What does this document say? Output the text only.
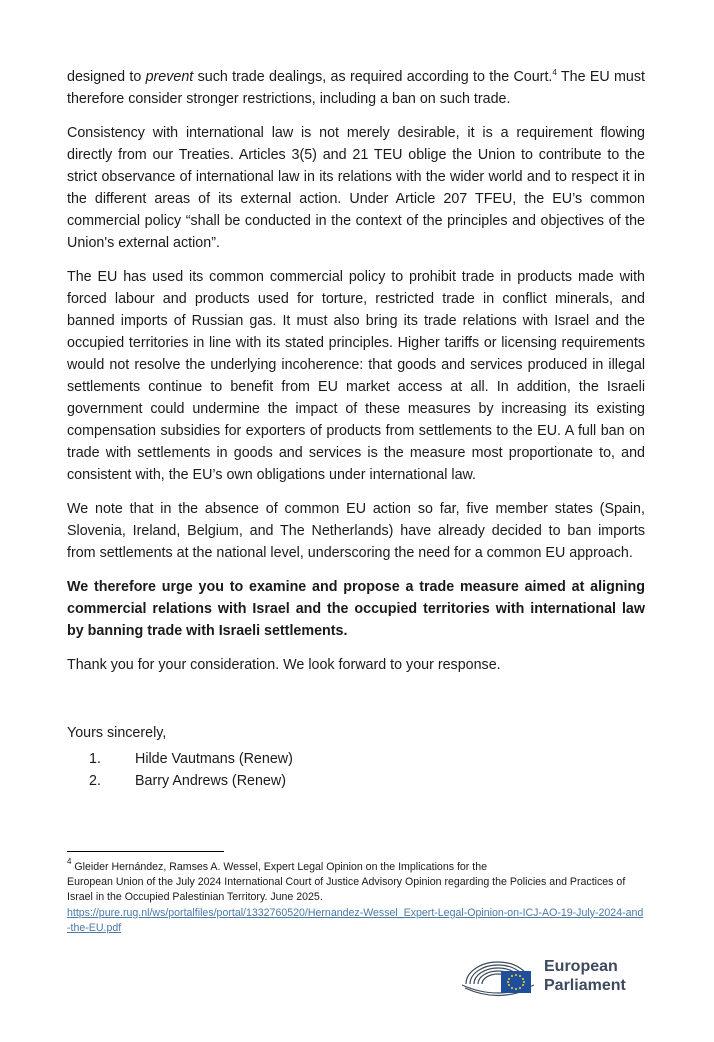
designed to prevent such trade dealings, as required according to the Court.$^4$ The EU must therefore consider stronger restrictions, including a ban on such trade.

Consistency with international law is not merely desirable, it is a requirement flowing directly from our Treaties. Articles 3(5) and 21 TEU oblige the Union to contribute to the strict observance of international law in its relations with the wider world and to respect it in the different areas of its external action. Under Article 207 TFEU, the EU’s common commercial policy “shall be conducted in the context of the principles and objectives of the Union's external action”.

The EU has used its common commercial policy to prohibit trade in products made with forced labour and products used for torture, restricted trade in conflict minerals, and banned imports of Russian gas. It must also bring its trade relations with Israel and the occupied territories in line with its stated principles. Higher tariffs or licensing requirements would not resolve the underlying incoherence: that goods and services produced in illegal settlements continue to benefit from EU market access at all. In addition, the Israeli government could undermine the impact of these measures by increasing its existing compensation subsidies for exporters of products from settlements to the EU. A full ban on trade with settlements in goods and services is the measure most proportionate to, and consistent with, the EU’s own obligations under international law.

We note that in the absence of common EU action so far, five member states (Spain, Slovenia, Ireland, Belgium, and The Netherlands) have already decided to ban imports from settlements at the national level, underscoring the need for a common EU approach.

We therefore urge you to examine and propose a trade measure aimed at aligning commercial relations with Israel and the occupied territories with international law by banning trade with Israeli settlements.

Thank you for your consideration. We look forward to your response.

Yours sincerely,

1.	Hilde Vautmans (Renew)
2.	Barry Andrews (Renew)
$^4$ Gleider Hernández, Ramses A. Wessel, Expert Legal Opinion on the Implications for the
European Union of the July 2024 International Court of Justice Advisory Opinion regarding the Policies and Practices of Israel in the Occupied Palestinian Territory. June 2025.
https://pure.rug.nl/ws/portalfiles/portal/1332760520/Hernandez-Wessel_Expert-Legal-Opinion-on-ICJ-AO-19-July-2024-and-the-EU.pdf
European
Parliament
